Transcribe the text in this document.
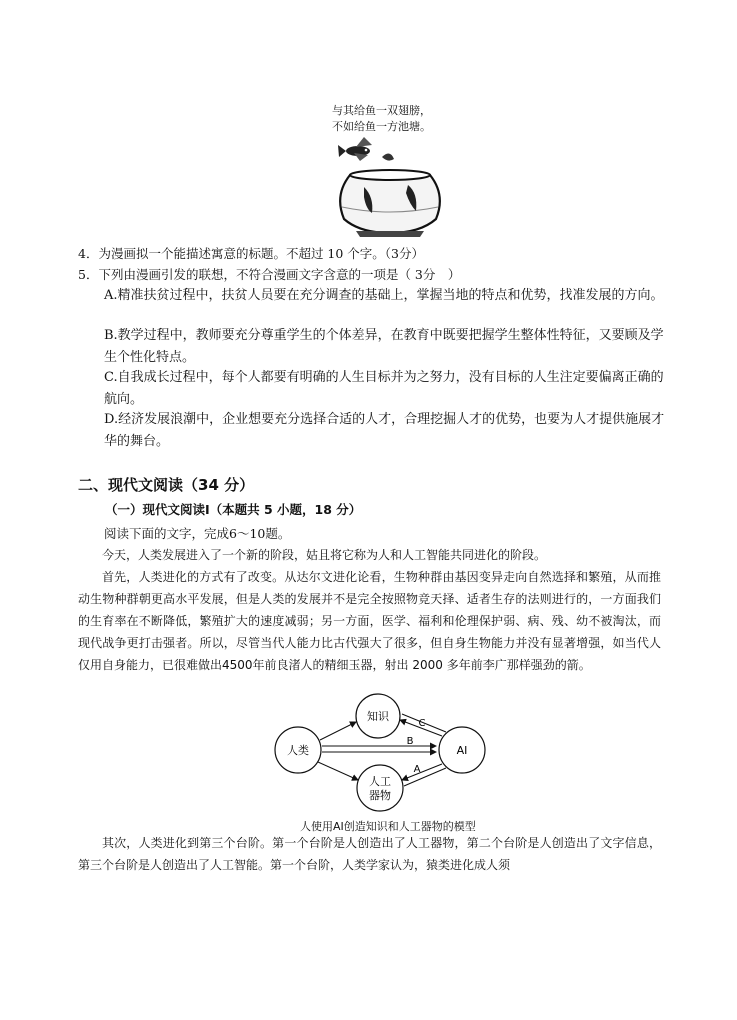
与其给鱼一双翅膀，
不如给鱼一方池塘。
4．为漫画拟一个能描述寓意的标题。不超过 10 个字。（3分）
5．下列由漫画引发的联想，不符合漫画文字含意的一项是（ 3分　）
A.精准扶贫过程中，扶贫人员要在充分调查的基础上，掌握当地的特点和优势，找准发展的方向。
B.教学过程中，教师要充分尊重学生的个体差异，在教育中既要把握学生整体性特征，又要顾及学生个性化特点。
C.自我成长过程中，每个人都要有明确的人生目标并为之努力，没有目标的人生注定要偏离正确的航向。
D.经济发展浪潮中，企业想要充分选择合适的人才，合理挖掘人才的优势，也要为人才提供施展才华的舞台。
二、现代文阅读（34 分）
（一）现代文阅读Ⅰ（本题共 5 小题，18 分）
阅读下面的文字，完成6～10题。
今天，人类发展进入了一个新的阶段，姑且将它称为人和人工智能共同进化的阶段。
首先，人类进化的方式有了改变。从达尔文进化论看，生物种群由基因变异走向自然选择和繁殖，从而推动生物种群朝更高水平发展，但是人类的发展并不是完全按照物竞天择、适者生存的法则进行的，一方面我们的生育率在不断降低，繁殖扩大的速度减弱；另一方面，医学、福利和伦理保护弱、病、残、幼不被淘汰，而现代战争更打击强者。所以，尽管当代人能力比古代强大了很多，但自身生物能力并没有显著增强，如当代人仅用自身能力，已很难做出4500年前良渚人的精细玉器，射出 2000 多年前李广那样强劲的箭。
知识
人类	AI
人工
器物
A
B
C
人使用AI创造知识和人工器物的模型
其次，人类进化到第三个台阶。第一个台阶是人创造出了人工器物，第二个台阶是人创造出了文字信息，第三个台阶是人创造出了人工智能。第一个台阶，人类学家认为，猿类进化成人须
